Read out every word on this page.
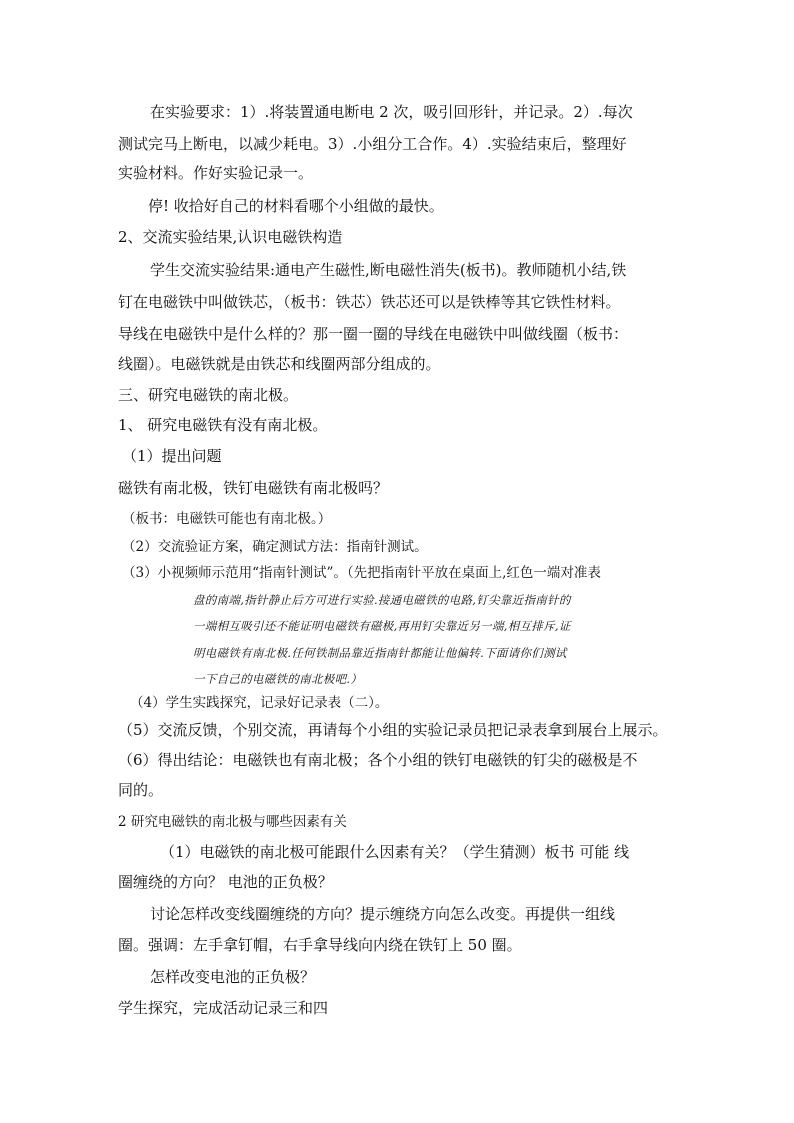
在实验要求：1）.将装置通电断电 2 次，吸引回形针，并记录。2）.每次
测试完马上断电，以减少耗电。3）.小组分工合作。4）.实验结束后，整理好
实验材料。作好实验记录一。
停! 收拾好自己的材料看哪个小组做的最快。
2、交流实验结果,认识电磁铁构造
学生交流实验结果:通电产生磁性,断电磁性消失(板书)。教师随机小结,铁
钉在电磁铁中叫做铁芯，（板书：铁芯）铁芯还可以是铁棒等其它铁性材料。
导线在电磁铁中是什么样的？那一圈一圈的导线在电磁铁中叫做线圈（板书：
线圈）。电磁铁就是由铁芯和线圈两部分组成的。
三、研究电磁铁的南北极。
1、 研究电磁铁有没有南北极。
（1）提出问题
磁铁有南北极，铁钉电磁铁有南北极吗？
（板书：电磁铁可能也有南北极。）
（2）交流验证方案，确定测试方法：指南针测试。
（3）小视频师示范用“指南针测试”。（先把指南针平放在桌面上,红色一端对准表
盘的南端,指针静止后方可进行实验.接通电磁铁的电路,钉尖靠近指南针的
一端相互吸引还不能证明电磁铁有磁极,再用钉尖靠近另一端,相互排斥,证
明电磁铁有南北极.任何铁制品靠近指南针都能让他偏转.下面请你们测试
一下自己的电磁铁的南北极吧.）
（4）学生实践探究，记录好记录表（二）。
（5）交流反馈，个别交流，再请每个小组的实验记录员把记录表拿到展台上展示。
（6）得出结论：电磁铁也有南北极；各个小组的铁钉电磁铁的钉尖的磁极是不
同的。
2 研究电磁铁的南北极与哪些因素有关
（1）电磁铁的南北极可能跟什么因素有关？（学生猜测）板书 可能 线
圈缠绕的方向？ 电池的正负极？
讨论怎样改变线圈缠绕的方向？提示缠绕方向怎么改变。再提供一组线
圈。强调：左手拿钉帽，右手拿导线向内绕在铁钉上 50 圈。
怎样改变电池的正负极？
学生探究，完成活动记录三和四
